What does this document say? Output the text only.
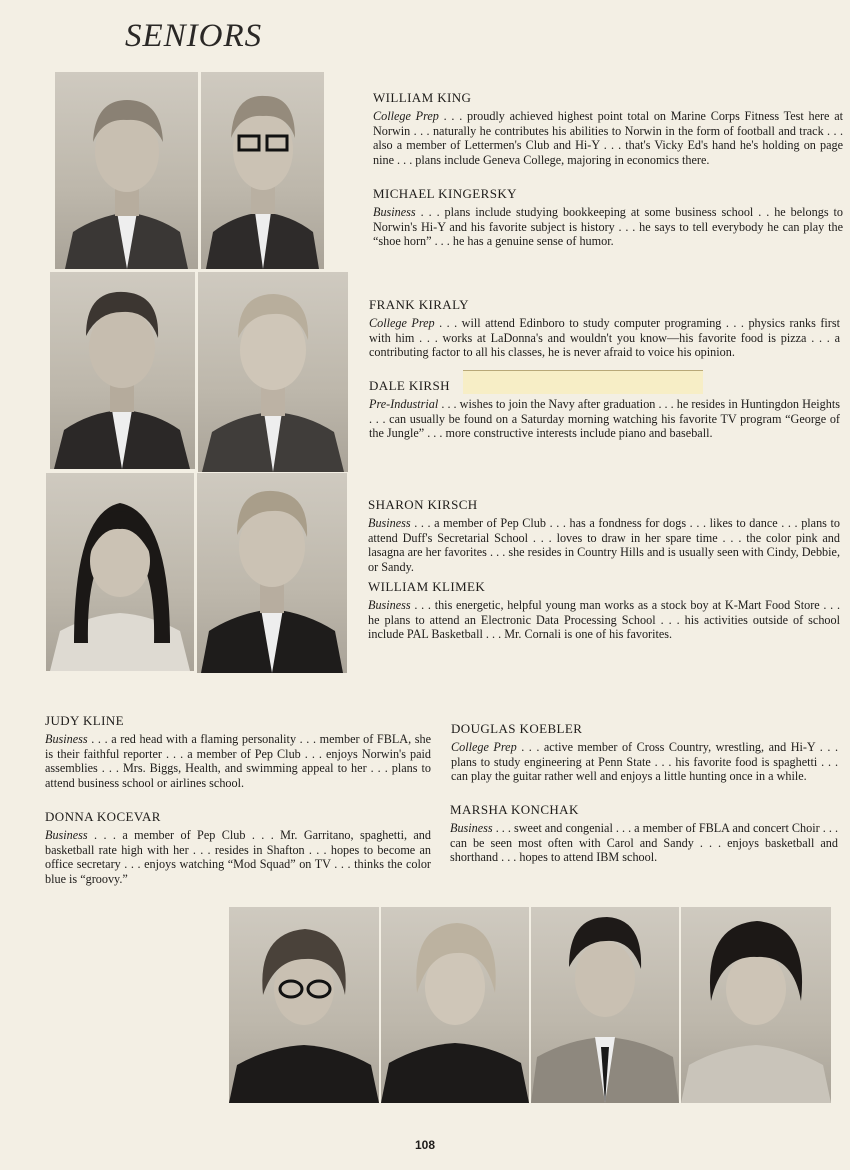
SENIORS
WILLIAM KING
College Prep . . . proudly achieved highest point total on Marine Corps Fitness Test here at Norwin . . . naturally he contributes his abilities to Norwin in the form of football and track . . . also a member of Lettermen's Club and Hi-Y . . . that's Vicky Ed's hand he's holding on page nine . . . plans include Geneva College, majoring in economics there.
MICHAEL KINGERSKY
Business . . . plans include studying bookkeeping at some business school . . he belongs to Norwin's Hi-Y and his favorite subject is history . . . he says to tell everybody he can play the “shoe horn” . . . he has a genuine sense of humor.
FRANK KIRALY
College Prep . . . will attend Edinboro to study computer programing . . . physics ranks first with him . . . works at LaDonna's and wouldn't you know—his favorite food is pizza . . . a contributing factor to all his classes, he is never afraid to voice his opinion.
DALE KIRSH
Pre-Industrial . . . wishes to join the Navy after graduation . . . he resides in Huntingdon Heights . . . can usually be found on a Saturday morning watching his favorite TV program “George of the Jungle” . . . more constructive interests include piano and baseball.
SHARON KIRSCH
Business . . . a member of Pep Club . . . has a fondness for dogs . . . likes to dance . . . plans to attend Duff's Secretarial School . . . loves to draw in her spare time . . . the color pink and lasagna are her favorites . . . she resides in Country Hills and is usually seen with Cindy, Debbie, or Sandy.
WILLIAM KLIMEK
Business . . . this energetic, helpful young man works as a stock boy at K-Mart Food Store . . . he plans to attend an Electronic Data Processing School . . . his activities outside of school include PAL Basketball . . . Mr. Cornali is one of his favorites.
JUDY KLINE
Business . . . a red head with a flaming personality . . . member of FBLA, she is their faithful reporter . . . a member of Pep Club . . . enjoys Norwin's paid assemblies . . . Mrs. Biggs, Health, and swimming appeal to her . . . plans to attend business school or airlines school.
DONNA KOCEVAR
Business . . . a member of Pep Club . . . Mr. Garritano, spaghetti, and basketball rate high with her . . . resides in Shafton . . . hopes to become an office secretary . . . enjoys watching “Mod Squad” on TV . . . thinks the color blue is “groovy.”
DOUGLAS KOEBLER
College Prep . . . active member of Cross Country, wrestling, and Hi-Y . . . plans to study engineering at Penn State . . . his favorite food is spaghetti . . . can play the guitar rather well and enjoys a little hunting once in a while.
MARSHA KONCHAK
Business . . . sweet and congenial . . . a member of FBLA and concert Choir . . . can be seen most often with Carol and Sandy . . . enjoys basketball and shorthand . . . hopes to attend IBM school.
108
